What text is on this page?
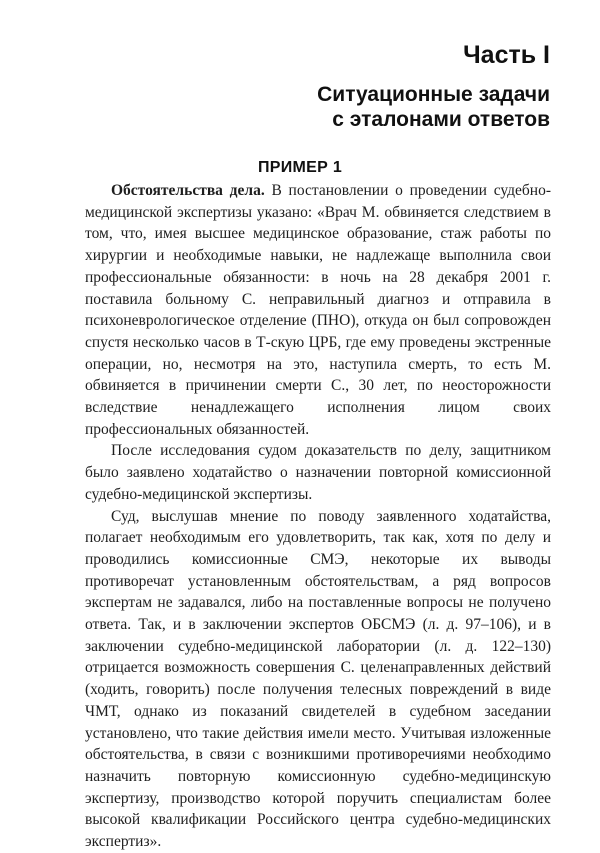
Часть I
Ситуационные задачи
с эталонами ответов
ПРИМЕР 1

Обстоятельства дела. В постановлении о проведении судебно-медицинской экспертизы указано: «Врач М. обвиняется следствием в том, что, имея высшее медицинское образование, стаж работы по хирургии и необходимые навыки, не надлежаще выполнила свои профессиональные обязанности: в ночь на 28 декабря 2001 г. поставила больному С. неправильный диагноз и отправила в психоневрологическое отделение (ПНО), откуда он был сопровожден спустя несколько часов в Т-скую ЦРБ, где ему проведены экстренные операции, но, несмотря на это, наступила смерть, то есть М. обвиняется в причинении смерти С., 30 лет, по неосторожности вследствие ненадлежащего исполнения лицом своих профессиональных обязанностей.

После исследования судом доказательств по делу, защитником было заявлено ходатайство о назначении повторной комиссионной судебно-медицинской экспертизы.

Суд, выслушав мнение по поводу заявленного ходатайства, полагает необходимым его удовлетворить, так как, хотя по делу и проводились комиссионные СМЭ, некоторые их выводы противоречат установленным обстоятельствам, а ряд вопросов экспертам не задавался, либо на поставленные вопросы не получено ответа. Так, и в заключении экспертов ОБСМЭ (л. д. 97–106), и в заключении судебно-медицинской лаборатории (л. д. 122–130) отрицается возможность совершения С. целенаправленных действий (ходить, говорить) после получения телесных повреждений в виде ЧМТ, однако из показаний свидетелей в судебном заседании установлено, что такие действия имели место. Учитывая изложенные обстоятельства, в связи с возникшими противоречиями необходимо назначить повторную комиссионную судебно-медицинскую экспертизу, производство которой поручить специалистам более высокой квалификации Российского центра судебно-медицинских экспертиз».
